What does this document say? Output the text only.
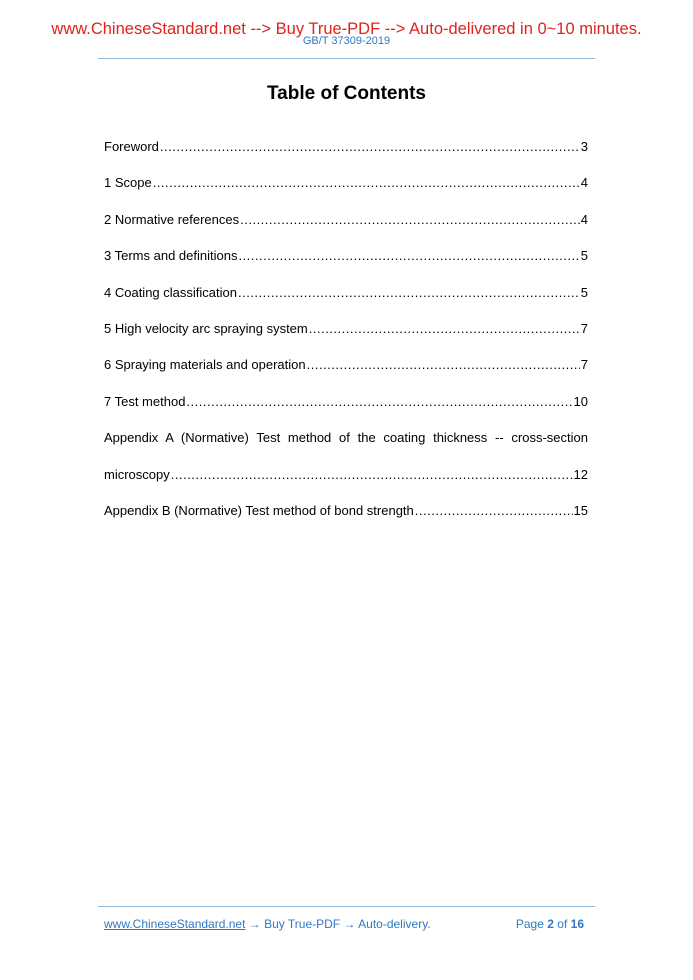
www.ChineseStandard.net --> Buy True-PDF --> Auto-delivered in 0~10 minutes.
GB/T 37309-2019
Table of Contents
Foreword .....	3
1 Scope .....	4
2 Normative references .....	4
3 Terms and definitions .....	5
4 Coating classification .....	5
5 High velocity arc spraying system .....	7
6 Spraying materials and operation .....	7
7 Test method .....	10
Appendix A (Normative) Test method of the coating thickness -- cross-section
microscopy .....	12
Appendix B (Normative) Test method of bond strength .....	15
www.ChineseStandard.net → Buy True-PDF → Auto-delivery.	Page 2 of 16
